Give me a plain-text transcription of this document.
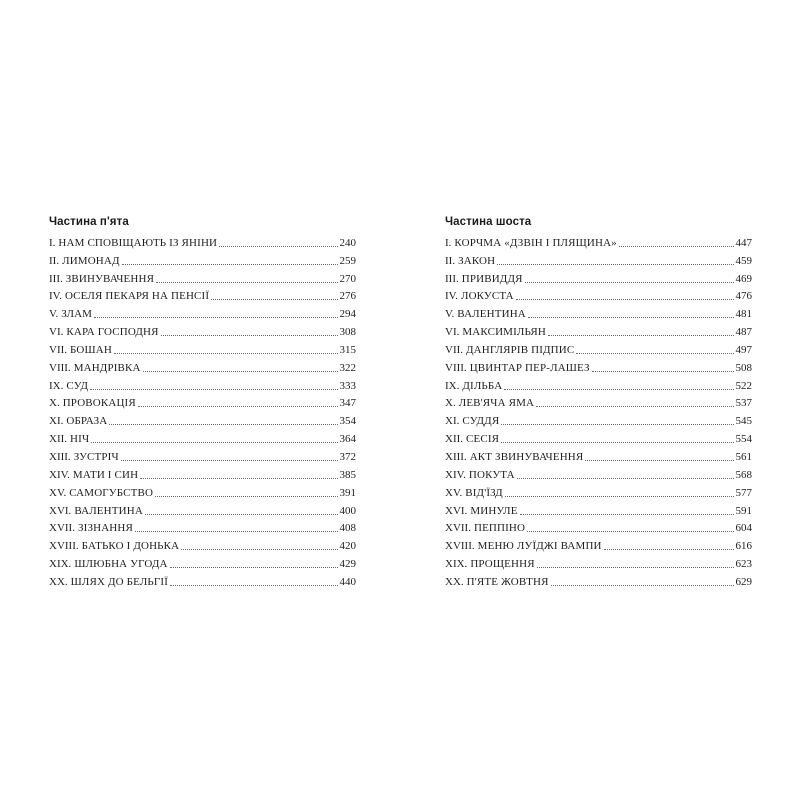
Частина п'ята
I. НАМ СПОВІЩАЮТЬ ІЗ ЯНІНИ	240
II. ЛИМОНАД	259
III. ЗВИНУВАЧЕННЯ	270
IV. ОСЕЛЯ ПЕКАРЯ НА ПЕНСІЇ	276
V. ЗЛАМ	294
VI. КАРА ГОСПОДНЯ	308
VII. БОШАН	315
VIII. МАНДРІВКА	322
IX. СУД	333
X. ПРОВОКАЦІЯ	347
XI. ОБРАЗА	354
XII. НІЧ	364
XIII. ЗУСТРІЧ	372
XIV. МАТИ І СИН	385
XV. САМОГУБСТВО	391
XVI. ВАЛЕНТИНА	400
XVII. ЗІЗНАННЯ	408
XVIII. БАТЬКО І ДОНЬКА	420
XIX. ШЛЮБНА УГОДА	429
XX. ШЛЯХ ДО БЕЛЬГІЇ	440
Частина шоста
I. КОРЧМА «ДЗВІН І ПЛЯЩИНА»	447
II. ЗАКОН	459
III. ПРИВИДДЯ	469
IV. ЛОКУСТА	476
V. ВАЛЕНТИНА	481
VI. МАКСИМІЛЬЯН	487
VII. ДАНГЛЯРІВ ПІДПИС	497
VIII. ЦВИНТАР ПЕР-ЛАШЕЗ	508
IX. ДІЛЬБА	522
X. ЛЕВ'ЯЧА ЯМА	537
XI. СУДДЯ	545
XII. СЕСІЯ	554
XIII. АКТ ЗВИНУВАЧЕННЯ	561
XIV. ПОКУТА	568
XV. ВІД'ЇЗД	577
XVI. МИНУЛЕ	591
XVII. ПЕППІНО	604
XVIII. МЕНЮ ЛУЇДЖІ ВАМПИ	616
XIX. ПРОЩЕННЯ	623
XX. П'ЯТЕ ЖОВТНЯ	629
